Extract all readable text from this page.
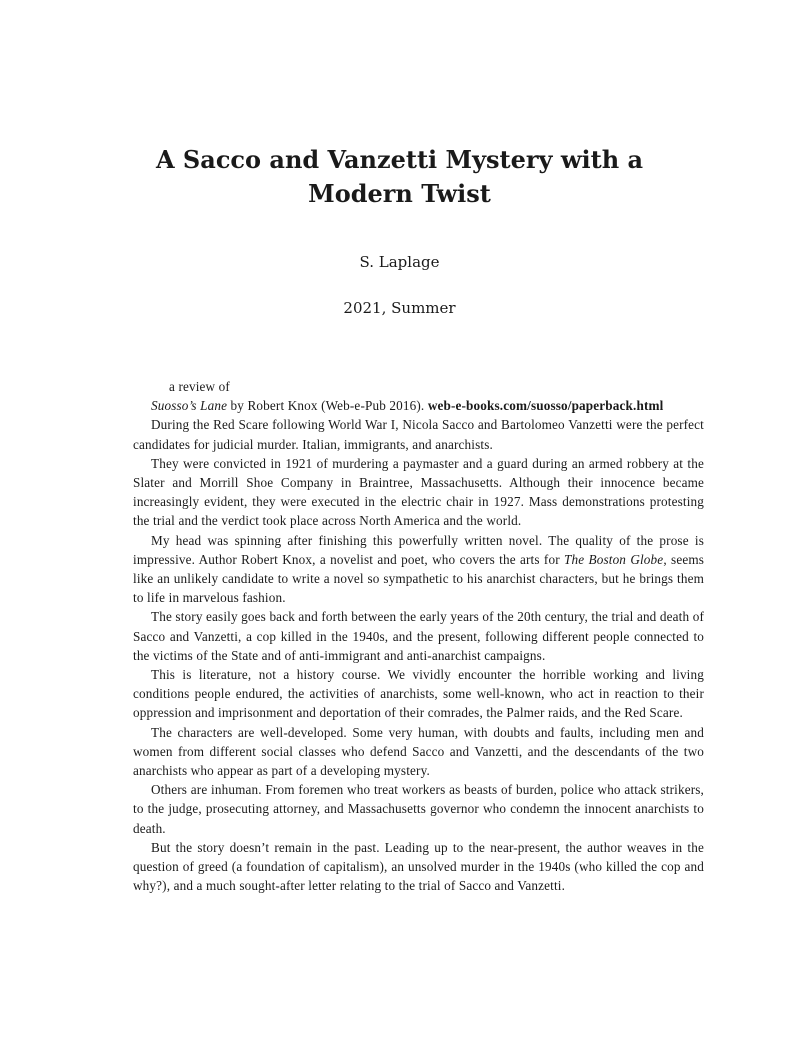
A Sacco and Vanzetti Mystery with a Modern Twist
S. Laplage
2021, Summer

a review of

Suosso’s Lane by Robert Knox (Web-e-Pub 2016). web-e-books.com/suosso/paperback.html

During the Red Scare following World War I, Nicola Sacco and Bartolomeo Vanzetti were the perfect candidates for judicial murder. Italian, immigrants, and anarchists.

They were convicted in 1921 of murdering a paymaster and a guard during an armed robbery at the Slater and Morrill Shoe Company in Braintree, Massachusetts. Although their innocence became increasingly evident, they were executed in the electric chair in 1927. Mass demonstrations protesting the trial and the verdict took place across North America and the world.

My head was spinning after finishing this powerfully written novel. The quality of the prose is impressive. Author Robert Knox, a novelist and poet, who covers the arts for The Boston Globe, seems like an unlikely candidate to write a novel so sympathetic to his anarchist characters, but he brings them to life in marvelous fashion.

The story easily goes back and forth between the early years of the 20th century, the trial and death of Sacco and Vanzetti, a cop killed in the 1940s, and the present, following different people connected to the victims of the State and of anti-immigrant and anti-anarchist campaigns.

This is literature, not a history course. We vividly encounter the horrible working and living conditions people endured, the activities of anarchists, some well-known, who act in reaction to their oppression and imprisonment and deportation of their comrades, the Palmer raids, and the Red Scare.

The characters are well-developed. Some very human, with doubts and faults, including men and women from different social classes who defend Sacco and Vanzetti, and the descendants of the two anarchists who appear as part of a developing mystery.

Others are inhuman. From foremen who treat workers as beasts of burden, police who attack strikers, to the judge, prosecuting attorney, and Massachusetts governor who condemn the innocent anarchists to death.

But the story doesn’t remain in the past. Leading up to the near-present, the author weaves in the question of greed (a foundation of capitalism), an unsolved murder in the 1940s (who killed the cop and why?), and a much sought-after letter relating to the trial of Sacco and Vanzetti.
